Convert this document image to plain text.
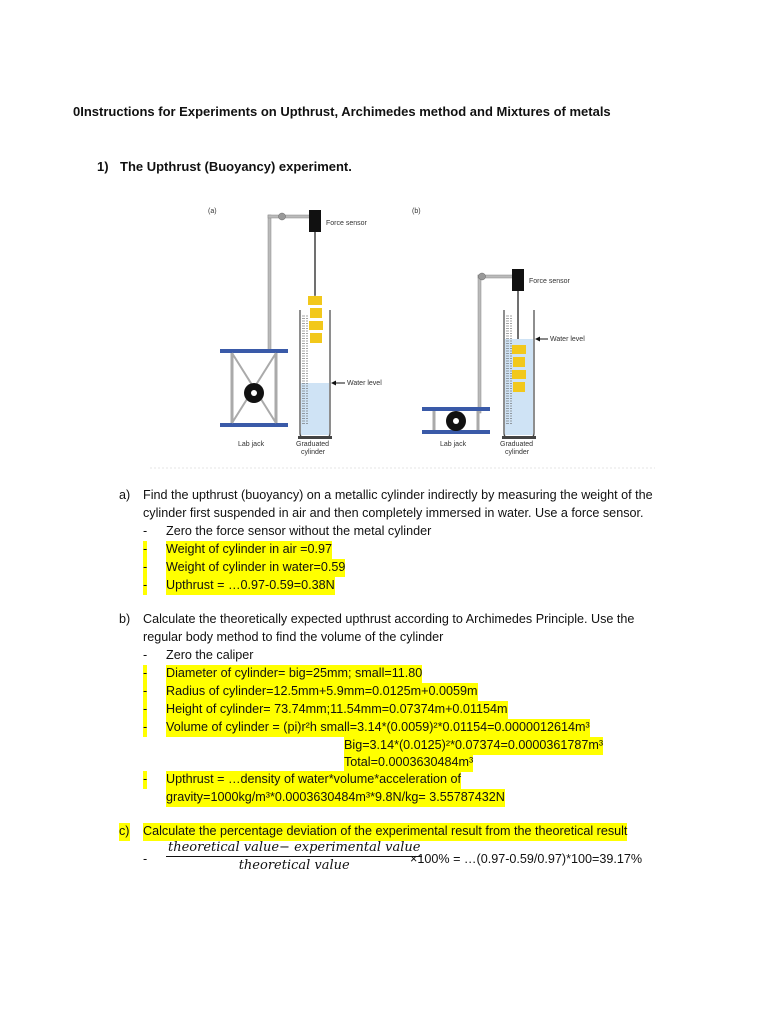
0Instructions for Experiments on Upthrust, Archimedes method and Mixtures of metals
1) The Upthrust (Buoyancy) experiment.
(a)
Force sensor
Water level
Lab jack	Graduated
cylinder
(b)
Force sensor
Water level
Lab jack	Graduated
cylinder
a) Find the upthrust (buoyancy) on a metallic cylinder indirectly by measuring the weight of the
cylinder first suspended in air and then completely immersed in water. Use a force sensor.
- Zero the force sensor without the metal cylinder
- Weight of cylinder in air =0.97
- Weight of cylinder in water=0.59
- Upthrust = …0.97-0.59=0.38N
b) Calculate the theoretically expected upthrust according to Archimedes Principle. Use the
regular body method to find the volume of the cylinder
- Zero the caliper
- Diameter of cylinder= big=25mm; small=11.80
- Radius of cylinder=12.5mm+5.9mm=0.0125m+0.0059m
- Height of cylinder= 73.74mm;11.54mm=0.07374m+0.01154m
- Volume of cylinder = (pi)r²h small=3.14*(0.0059)²*0.01154=0.0000012614m³
Big=3.14*(0.0125)²*0.07374=0.0000361787m³
Total=0.0003630484m³
- Upthrust = …density of water*volume*acceleration of
gravity=1000kg/m³*0.0003630484m³*9.8N/kg= 3.55787432N
c) Calculate the percentage deviation of the experimental result from the theoretical result
-
theoretical value− experimental value
theoretical value	×100% = …(0.97-0.59/0.97)*100=39.17%
